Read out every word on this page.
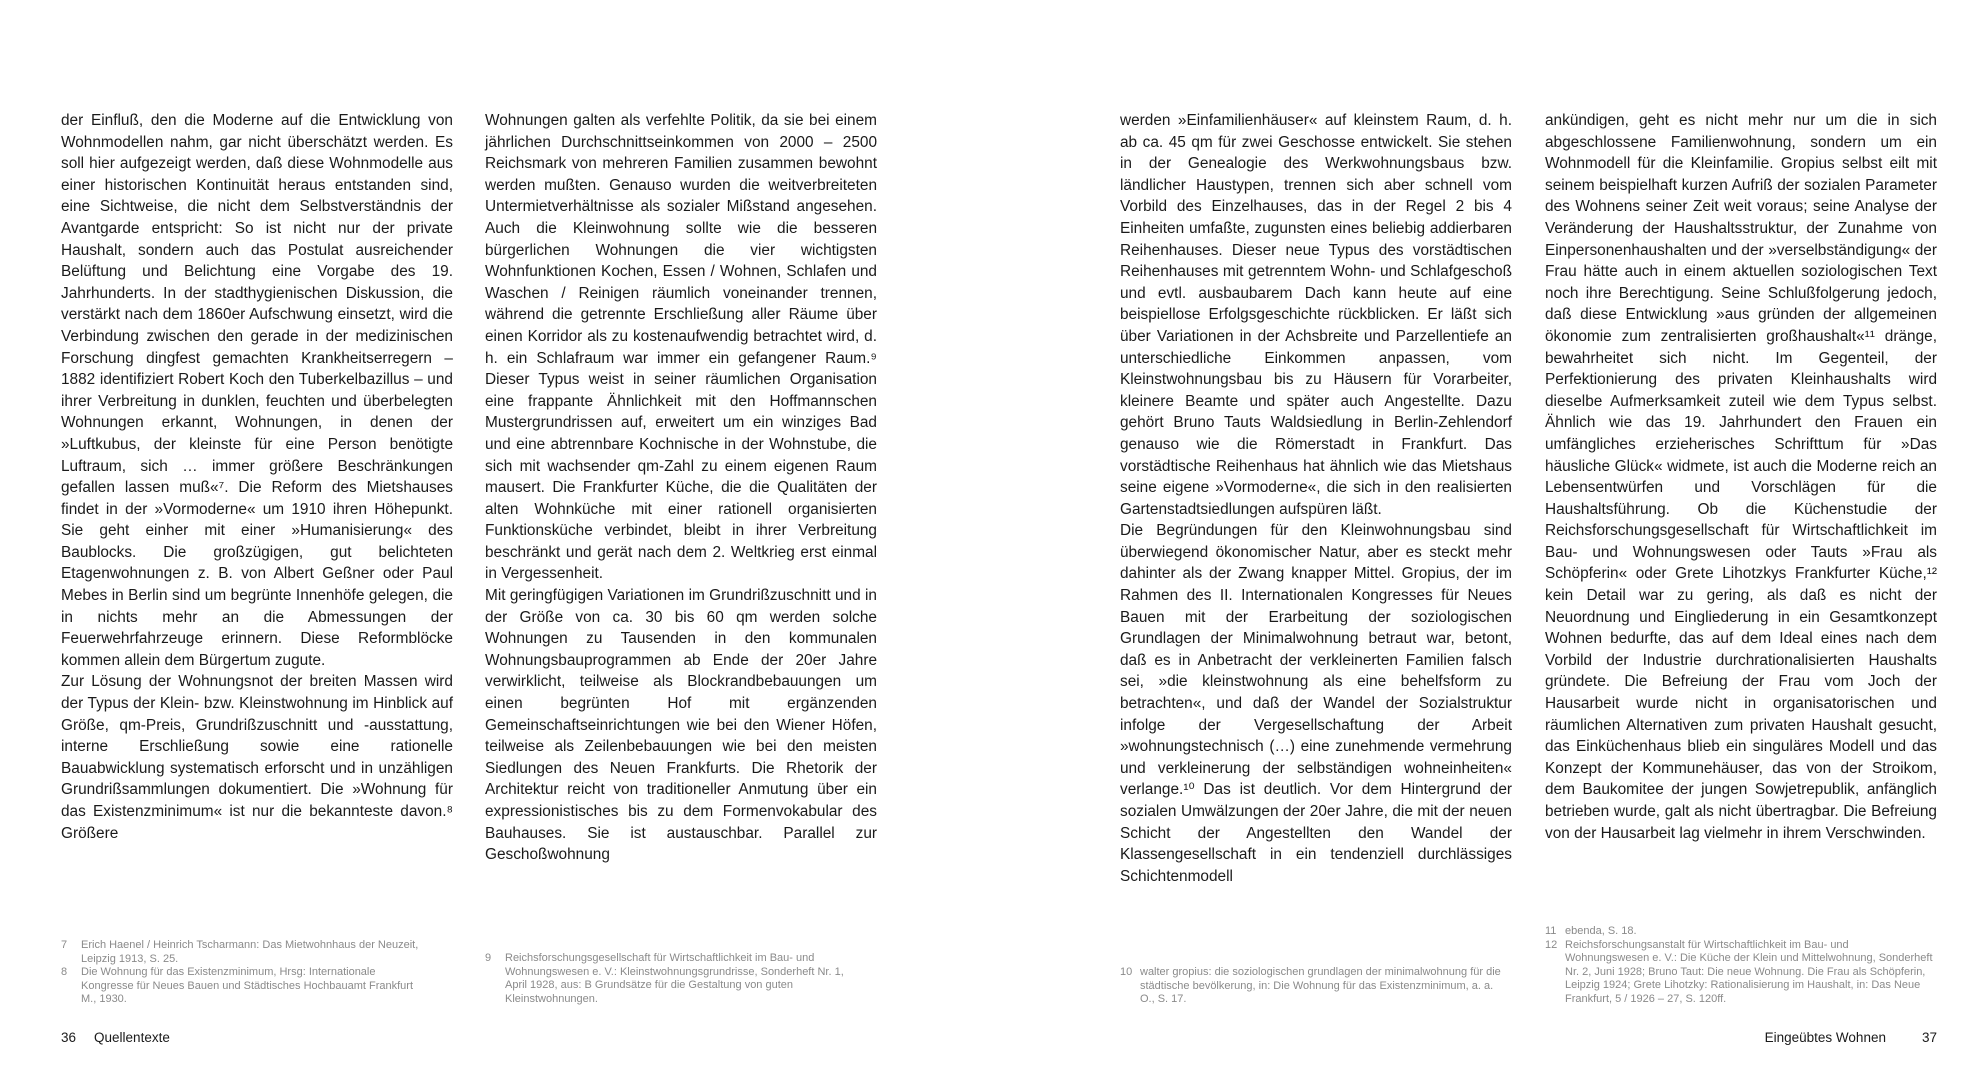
der Einfluß, den die Moderne auf die Entwicklung von Wohnmodellen nahm, gar nicht überschätzt werden. Es soll hier aufgezeigt werden, daß diese Wohnmodelle aus einer historischen Kontinuität heraus entstanden sind, eine Sichtweise, die nicht dem Selbstverständnis der Avantgarde entspricht: So ist nicht nur der private Haushalt, sondern auch das Postulat ausreichender Belüftung und Belichtung eine Vorgabe des 19. Jahrhunderts. In der stadthygienischen Diskussion, die verstärkt nach dem 1860er Aufschwung einsetzt, wird die Verbindung zwischen den gerade in der medizinischen Forschung dingfest gemachten Krankheitserregern – 1882 identifiziert Robert Koch den Tuberkelbazillus – und ihrer Verbreitung in dunklen, feuchten und überbelegten Wohnungen erkannt, Wohnungen, in denen der »Luftkubus, der kleinste für eine Person benötigte Luftraum, sich … immer größere Beschränkungen gefallen lassen muß«⁷. Die Reform des Mietshauses findet in der »Vormoderne« um 1910 ihren Höhepunkt. Sie geht einher mit einer »Humanisierung« des Baublocks. Die großzügigen, gut belichteten Etagenwohnungen z. B. von Albert Geßner oder Paul Mebes in Berlin sind um begrünte Innenhöfe gelegen, die in nichts mehr an die Abmessungen der Feuerwehrfahrzeuge erinnern. Diese Reformblöcke kommen allein dem Bürgertum zugute.

Zur Lösung der Wohnungsnot der breiten Massen wird der Typus der Klein- bzw. Kleinstwohnung im Hinblick auf Größe, qm-Preis, Grundrißzuschnitt und -ausstattung, interne Erschließung sowie eine rationelle Bauabwicklung systematisch erforscht und in unzähligen Grundrißsammlungen dokumentiert. Die »Wohnung für das Existenzminimum« ist nur die bekannteste davon.⁸ Größere

Wohnungen galten als verfehlte Politik, da sie bei einem jährlichen Durchschnittseinkommen von 2000 – 2500 Reichsmark von mehreren Familien zusammen bewohnt werden mußten. Genauso wurden die weitverbreiteten Untermietverhältnisse als sozialer Mißstand angesehen. Auch die Kleinwohnung sollte wie die besseren bürgerlichen Wohnungen die vier wichtigsten Wohnfunktionen Kochen, Essen / Wohnen, Schlafen und Waschen / Reinigen räumlich voneinander trennen, während die getrennte Erschließung aller Räume über einen Korridor als zu kostenaufwendig betrachtet wird, d. h. ein Schlafraum war immer ein gefangener Raum.⁹ Dieser Typus weist in seiner räumlichen Organisation eine frappante Ähnlichkeit mit den Hoffmannschen Mustergrundrissen auf, erweitert um ein winziges Bad und eine abtrennbare Kochnische in der Wohnstube, die sich mit wachsender qm-Zahl zu einem eigenen Raum mausert. Die Frankfurter Küche, die die Qualitäten der alten Wohnküche mit einer rationell organisierten Funktionsküche verbindet, bleibt in ihrer Verbreitung beschränkt und gerät nach dem 2. Weltkrieg erst einmal in Vergessenheit.

Mit geringfügigen Variationen im Grundrißzuschnitt und in der Größe von ca. 30 bis 60 qm werden solche Wohnungen zu Tausenden in den kommunalen Wohnungsbauprogrammen ab Ende der 20er Jahre verwirklicht, teilweise als Blockrandbebauungen um einen begrünten Hof mit ergänzenden Gemeinschaftseinrichtungen wie bei den Wiener Höfen, teilweise als Zeilenbebauungen wie bei den meisten Siedlungen des Neuen Frankfurts. Die Rhetorik der Architektur reicht von traditioneller Anmutung über ein expressionistisches bis zu dem Formenvokabular des Bauhauses. Sie ist austauschbar. Parallel zur Geschoßwohnung

7	Erich Haenel / Heinrich Tscharmann: Das Mietwohnhaus der Neuzeit, Leipzig 1913, S. 25.
8	Die Wohnung für das Existenzminimum, Hrsg: Internationale Kongresse für Neues Bauen und Städtisches Hochbauamt Frankfurt M., 1930.
9	Reichsforschungsgesellschaft für Wirtschaftlichkeit im Bau- und Wohnungswesen e. V.: Kleinstwohnungsgrundrisse, Sonderheft Nr. 1, April 1928, aus: B Grundsätze für die Gestaltung von guten Kleinstwohnungen.
36 Quellentexte

werden »Einfamilienhäuser« auf kleinstem Raum, d. h. ab ca. 45 qm für zwei Geschosse entwickelt. Sie stehen in der Genealogie des Werkwohnungsbaus bzw. ländlicher Haustypen, trennen sich aber schnell vom Vorbild des Einzelhauses, das in der Regel 2 bis 4 Einheiten umfaßte, zugunsten eines beliebig addierbaren Reihenhauses. Dieser neue Typus des vorstädtischen Reihenhauses mit getrenntem Wohn- und Schlafgeschoß und evtl. ausbaubarem Dach kann heute auf eine beispiellose Erfolgsgeschichte rückblicken. Er läßt sich über Variationen in der Achsbreite und Parzellentiefe an unterschiedliche Einkommen anpassen, vom Kleinstwohnungsbau bis zu Häusern für Vorarbeiter, kleinere Beamte und später auch Angestellte. Dazu gehört Bruno Tauts Waldsiedlung in Berlin-Zehlendorf genauso wie die Römerstadt in Frankfurt. Das vorstädtische Reihenhaus hat ähnlich wie das Mietshaus seine eigene »Vormoderne«, die sich in den realisierten Gartenstadtsiedlungen aufspüren läßt.

Die Begründungen für den Kleinwohnungsbau sind überwiegend ökonomischer Natur, aber es steckt mehr dahinter als der Zwang knapper Mittel. Gropius, der im Rahmen des II. Internationalen Kongresses für Neues Bauen mit der Erarbeitung der soziologischen Grundlagen der Minimalwohnung betraut war, betont, daß es in Anbetracht der verkleinerten Familien falsch sei, »die kleinstwohnung als eine behelfsform zu betrachten«, und daß der Wandel der Sozialstruktur infolge der Vergesellschaftung der Arbeit »wohnungstechnisch (…) eine zunehmende vermehrung und verkleinerung der selbständigen wohneinheiten« verlange.¹⁰ Das ist deutlich. Vor dem Hintergrund der sozialen Umwälzungen der 20er Jahre, die mit der neuen Schicht der Angestellten den Wandel der Klassengesellschaft in ein tendenziell durchlässiges Schichtenmodell

ankündigen, geht es nicht mehr nur um die in sich abgeschlossene Familienwohnung, sondern um ein Wohnmodell für die Kleinfamilie. Gropius selbst eilt mit seinem beispielhaft kurzen Aufriß der sozialen Parameter des Wohnens seiner Zeit weit voraus; seine Analyse der Veränderung der Haushaltsstruktur, der Zunahme von Einpersonenhaushalten und der »verselbständigung« der Frau hätte auch in einem aktuellen soziologischen Text noch ihre Berechtigung. Seine Schlußfolgerung jedoch, daß diese Entwicklung »aus gründen der allgemeinen ökonomie zum zentralisierten großhaushalt«¹¹ dränge, bewahrheitet sich nicht. Im Gegenteil, der Perfektionierung des privaten Kleinhaushalts wird dieselbe Aufmerksamkeit zuteil wie dem Typus selbst. Ähnlich wie das 19. Jahrhundert den Frauen ein umfängliches erzieherisches Schrifttum für »Das häusliche Glück« widmete, ist auch die Moderne reich an Lebensentwürfen und Vorschlägen für die Haushaltsführung. Ob die Küchenstudie der Reichsforschungsgesellschaft für Wirtschaftlichkeit im Bau- und Wohnungswesen oder Tauts »Frau als Schöpferin« oder Grete Lihotzkys Frankfurter Küche,¹² kein Detail war zu gering, als daß es nicht der Neuordnung und Eingliederung in ein Gesamtkonzept Wohnen bedurfte, das auf dem Ideal eines nach dem Vorbild der Industrie durchrationalisierten Haushalts gründete. Die Befreiung der Frau vom Joch der Hausarbeit wurde nicht in organisatorischen und räumlichen Alternativen zum privaten Haushalt gesucht, das Einküchenhaus blieb ein singuläres Modell und das Konzept der Kommunehäuser, das von der Stroikom, dem Baukomitee der jungen Sowjetrepublik, anfänglich betrieben wurde, galt als nicht übertragbar. Die Befreiung von der Hausarbeit lag vielmehr in ihrem Verschwinden.

10 walter gropius: die soziologischen grundlagen der minimalwohnung für die städtische bevölkerung, in: Die Wohnung für das Existenzminimum, a. a. O., S. 17.
11 ebenda, S. 18.
12 Reichsforschungsanstalt für Wirtschaftlichkeit im Bau- und Wohnungswesen e. V.: Die Küche der Klein und Mittelwohnung, Sonderheft Nr. 2, Juni 1928; Bruno Taut: Die neue Wohnung. Die Frau als Schöpferin, Leipzig 1924; Grete Lihotzky: Rationalisierung im Haushalt, in: Das Neue Frankfurt, 5 / 1926 – 27, S. 120ff.
Eingeübtes Wohnen	37
